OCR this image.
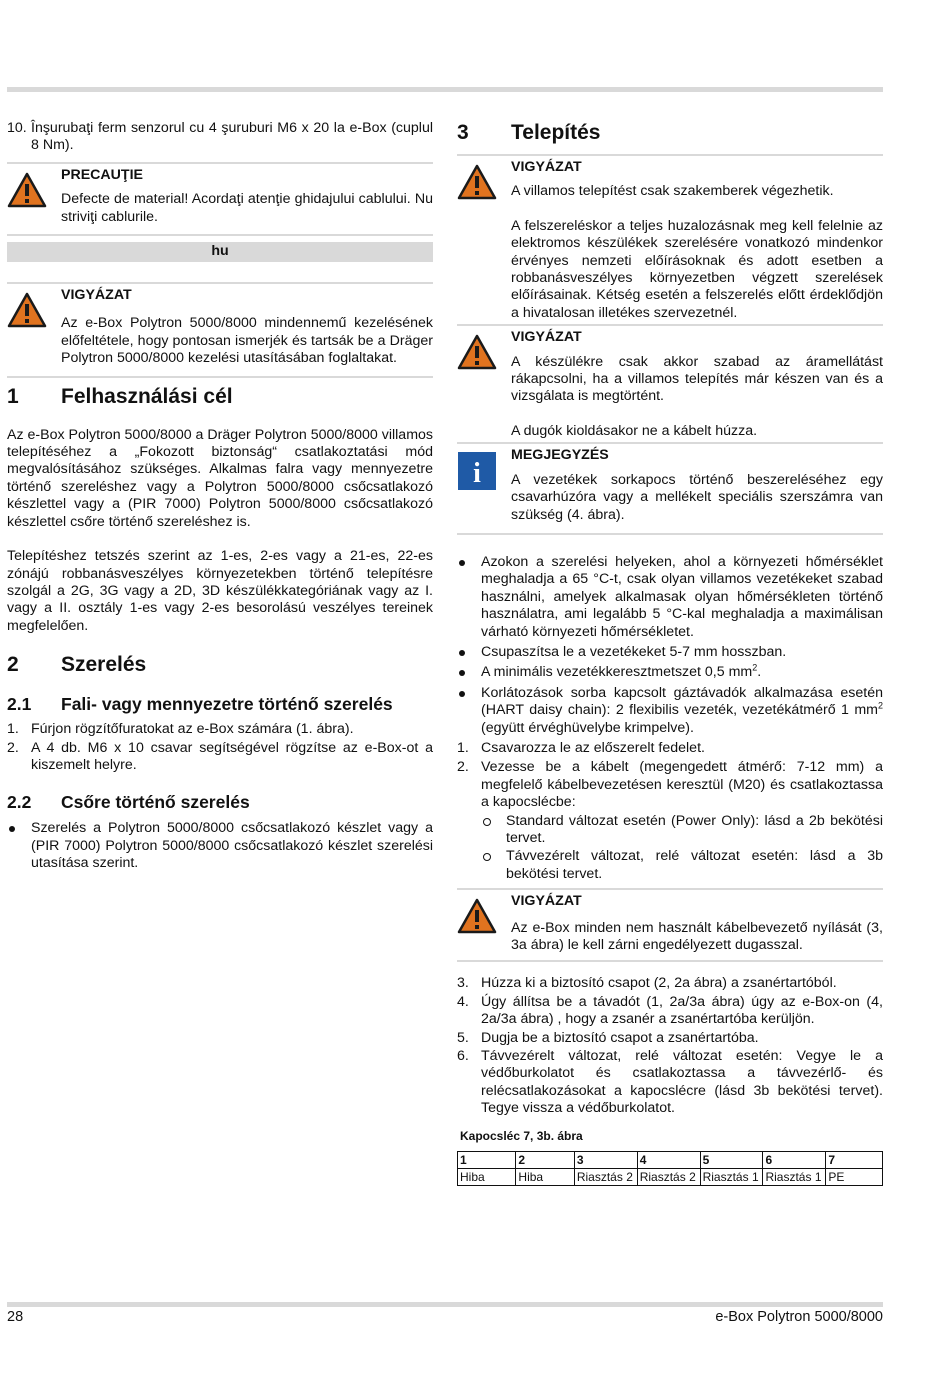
10. Înşurubaţi ferm senzorul cu 4 şuruburi M6 x 20 la e-Box (cuplul 8 Nm).
PRECAUŢIE

Defecte de material! Acordaţi atenţie ghidajului cablului. Nu striviţi cablurile.

hu
VIGYÁZAT

Az e-Box Polytron 5000/8000 mindennemű kezelésének előfeltétele, hogy pontosan ismerjék és tartsák be a Dräger Polytron 5000/8000 kezelési utasításában foglaltakat.

1 Felhasználási cél

Az e-Box Polytron 5000/8000 a Dräger Polytron 5000/8000 villamos telepítéséhez a „Fokozott biztonság“ csatlakoztatási mód megvalósításához szükséges. Alkalmas falra vagy mennyezetre történő szereléshez vagy a Polytron 5000/8000 csőcsatlakozó készlettel vagy a (PIR 7000) Polytron 5000/8000 csőcsatlakozó készlettel csőre történő szereléshez is.

Telepítéshez tetszés szerint az 1-es, 2-es vagy a 21-es, 22-es zónájú robbanásveszélyes környezetekben történő telepítésre szolgál a 2G, 3G vagy a 2D, 3D készülékkategóriának vagy az I. vagy a II. osztály 1-es vagy 2-es besorolású veszélyes tereinek megfelelően.

2 Szerelés
2.1 Fali- vagy mennyezetre történő szerelés
1. Fúrjon rögzítőfuratokat az e-Box számára (1. ábra).
2. A 4 db. M6 x 10 csavar segítségével rögzítse az e-Box-ot a kiszemelt helyre.
2.2 Csőre történő szerelés
Szerelés a Polytron 5000/8000 csőcsatlakozó készlet vagy a (PIR 7000) Polytron 5000/8000 csőcsatlakozó készlet szerelési utasítása szerint.
3 Telepítés
VIGYÁZAT

A villamos telepítést csak szakemberek végezhetik.

A felszereléskor a teljes huzalozásnak meg kell felelnie az elektromos készülékek szerelésére vonatkozó mindenkor érvényes nemzeti előírásoknak és adott esetben a robbanásveszélyes környezetben végzett szerelések előírásainak. Kétség esetén a felszerelés előtt érdeklődjön a hivatalosan illetékes szervezetnél.

VIGYÁZAT

A készülékre csak akkor szabad az áramellátást rákapcsolni, ha a villamos telepítés már készen van és a vizsgálata is megtörtént.

A dugók kioldásakor ne a kábelt húzza.

i
MEGJEGYZÉS

A vezetékek sorkapocs történő beszereléséhez egy csavarhúzóra vagy a mellékelt speciális szerszámra van szükség (4. ábra).

Azokon a szerelési helyeken, ahol a környezeti hőmérséklet meghaladja a 65 °C-t, csak olyan villamos vezetékeket szabad használni, amelyek alkalmasak olyan hőmérsékleten történő használatra, ami legalább 5 °C-kal meghaladja a maximálisan várható környezeti hőmérsékletet.
Csupaszítsa le a vezetékeket 5-7 mm hosszban.
A minimális vezetékkeresztmetszet 0,5 $mm^2$.
Korlátozások sorba kapcsolt gáztávadók alkalmazása esetén (HART daisy chain): 2 flexibilis vezeték, vezetékátmérő 1 $mm^2$ (együtt érvéghüvelybe krimpelve).
1. Csavarozza le az előszerelt fedelet.
2. Vezesse be a kábelt (megengedett átmérő: 7-12 mm) a megfelelő kábelbevezetésen keresztül (M20) és csatlakoztassa a kapocslécbe:
Standard változat esetén (Power Only): lásd a 2b bekötési tervet.
Távvezérelt változat, relé változat esetén: lásd a 3b bekötési tervet.
VIGYÁZAT

Az e-Box minden nem használt kábelbevezető nyílását (3, 3a ábra) le kell zárni engedélyezett dugasszal.

3. Húzza ki a biztosító csapot (2, 2a ábra) a zsanértartóból.
4. Úgy állítsa be a távadót (1, 2a/3a ábra) úgy az e-Box-on (4, 2a/3a ábra) , hogy a zsanér a zsanértartóba kerüljön.
5. Dugja be a biztosító csapot a zsanértartóba.
6. Távvezérelt változat, relé változat esetén: Vegye le a védőburkolatot és csatlakoztassa a távvezérlő- és relécsatlakozásokat a kapocslécre (lásd 3b bekötési tervet). Tegye vissza a védőburkolatot.
Kapocsléc 7, 3b. ábra
1	2	3	4	5	6	7
Hiba	Hiba	Riasztás 2	Riasztás 2	Riasztás 1	Riasztás 1	PE
28	e-Box Polytron 5000/8000
